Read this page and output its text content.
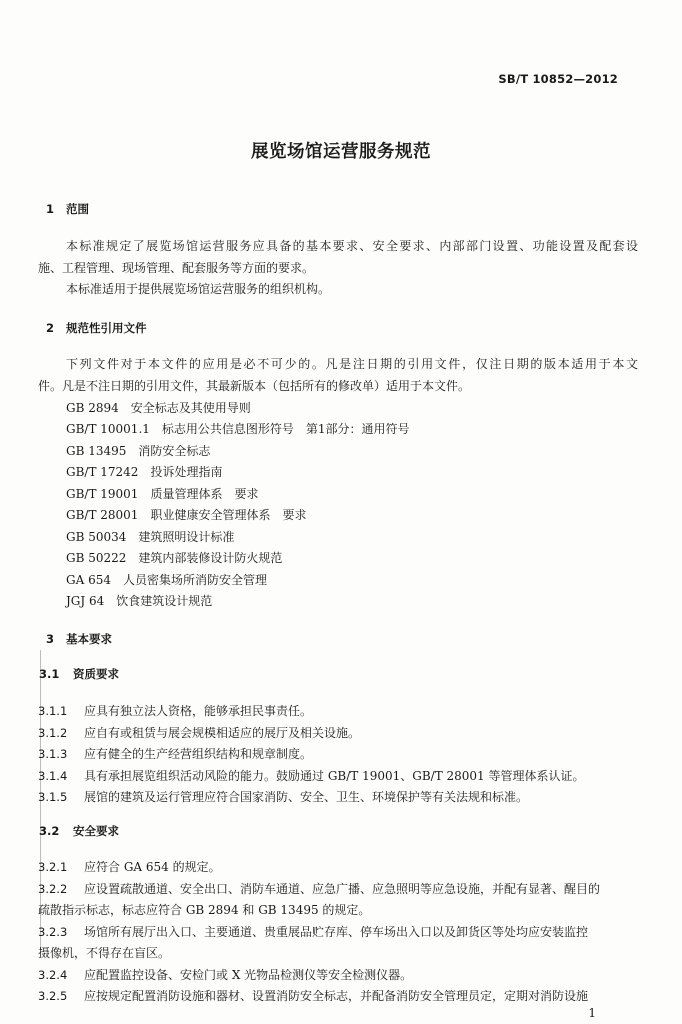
SB/T 10852—2012
展览场馆运营服务规范
1 范围
本标准规定了展览场馆运营服务应具备的基本要求、安全要求、内部部门设置、功能设置及配套设
施、工程管理、现场管理、配套服务等方面的要求。
本标准适用于提供展览场馆运营服务的组织机构。
2 规范性引用文件
下列文件对于本文件的应用是必不可少的。凡是注日期的引用文件，仅注日期的版本适用于本文
件。凡是不注日期的引用文件，其最新版本（包括所有的修改单）适用于本文件。
GB 2894　安全标志及其使用导则
GB/T 10001.1　标志用公共信息图形符号　第1部分：通用符号
GB 13495　消防安全标志
GB/T 17242　投诉处理指南
GB/T 19001　质量管理体系　要求
GB/T 28001　职业健康安全管理体系　要求
GB 50034　建筑照明设计标准
GB 50222　建筑内部装修设计防火规范
GA 654　人员密集场所消防安全管理
JGJ 64　饮食建筑设计规范
3 基本要求
3.1 资质要求
3.1.1 应具有独立法人资格，能够承担民事责任。
3.1.2 应自有或租赁与展会规模相适应的展厅及相关设施。
3.1.3 应有健全的生产经营组织结构和规章制度。
3.1.4 具有承担展览组织活动风险的能力。鼓励通过 GB/T 19001、GB/T 28001 等管理体系认证。
3.1.5 展馆的建筑及运行管理应符合国家消防、安全、卫生、环境保护等有关法规和标准。
3.2 安全要求
3.2.1 应符合 GA 654 的规定。
3.2.2 应设置疏散通道、安全出口、消防车通道、应急广播、应急照明等应急设施，并配有显著、醒目的
疏散指示标志，标志应符合 GB 2894 和 GB 13495 的规定。
3.2.3 场馆所有展厅出入口、主要通道、贵重展品贮存库、停车场出入口以及卸货区等处均应安装监控
摄像机，不得存在盲区。
3.2.4 应配置监控设备、安检门或 X 光物品检测仪等安全检测仪器。
3.2.5 应按规定配置消防设施和器材、设置消防安全标志，并配备消防安全管理员定，定期对消防设施
1
